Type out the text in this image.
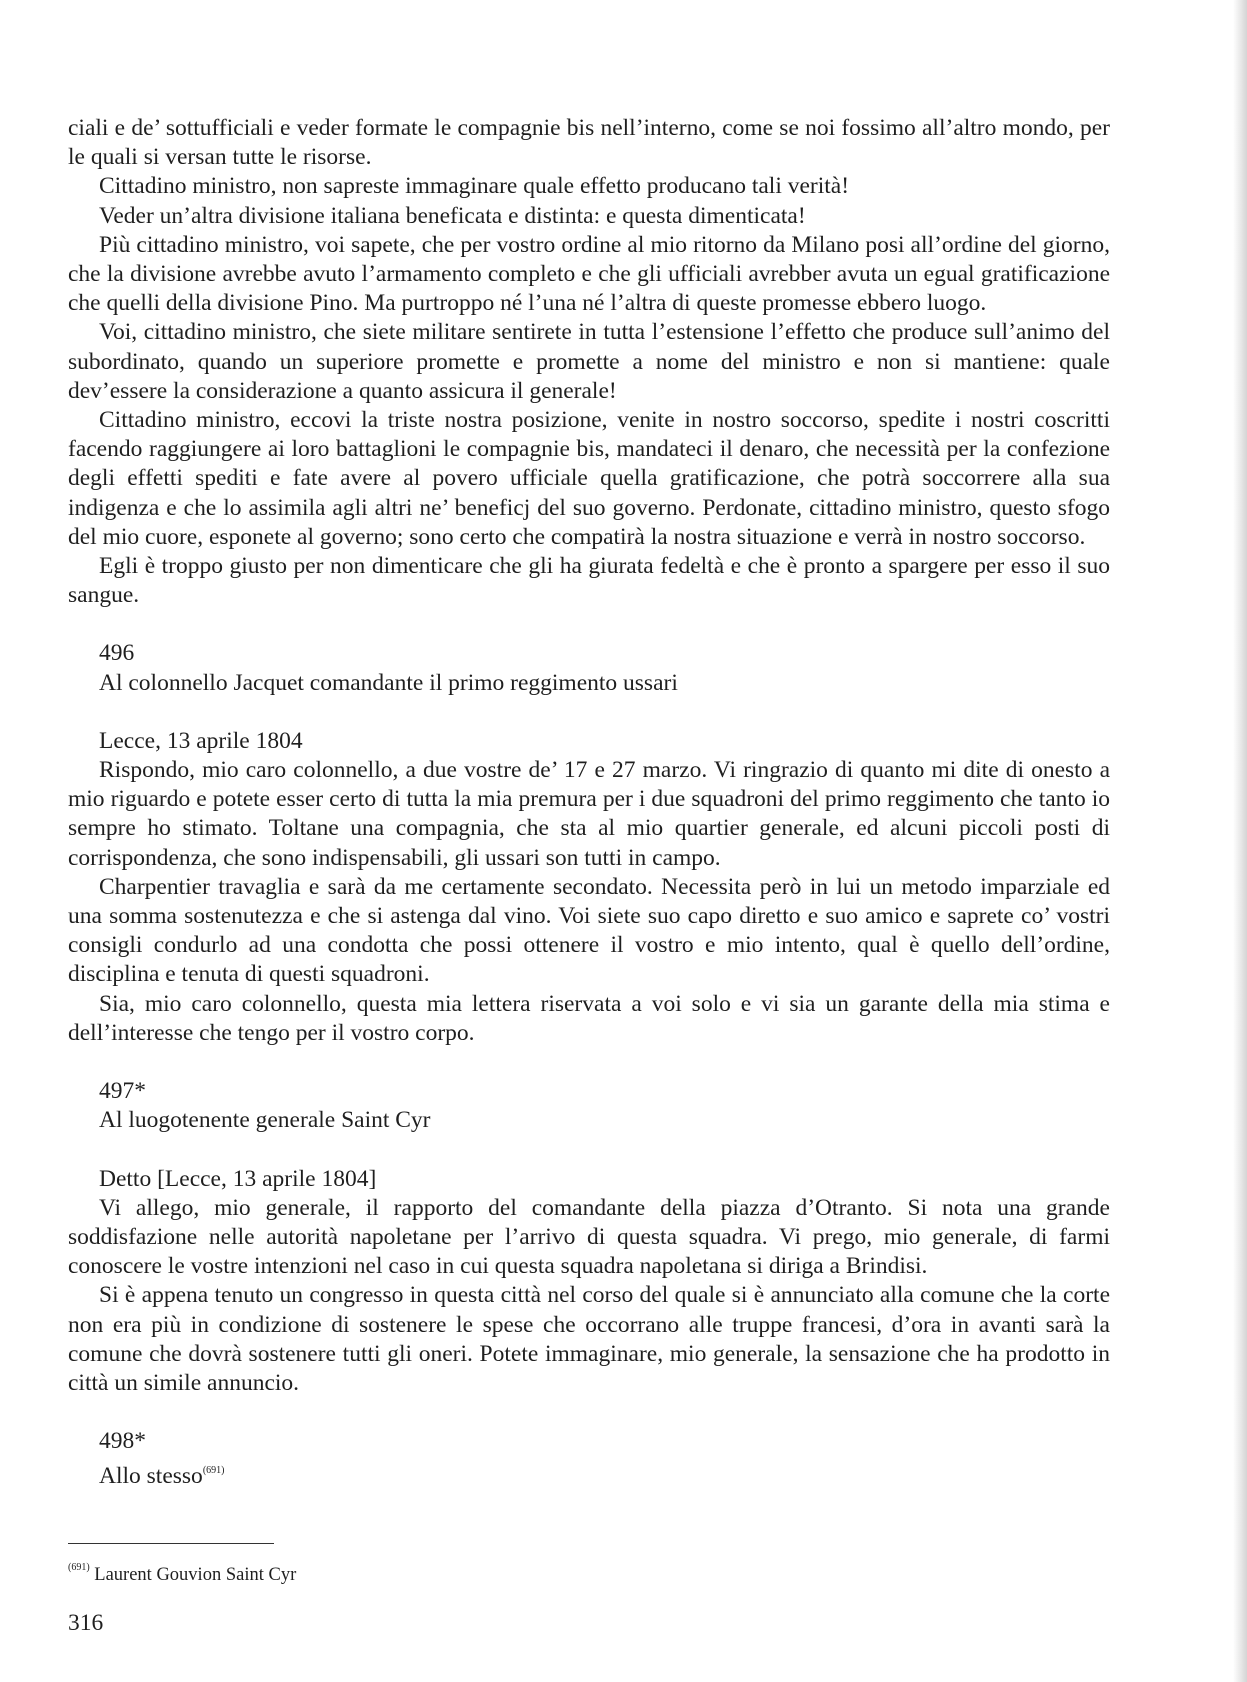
ciali e de’ sottufficiali e veder formate le compagnie bis nell’interno, come se noi fossimo all’altro mondo, per le quali si versan tutte le risorse.

Cittadino ministro, non sapreste immaginare quale effetto producano tali verità!

Veder un’altra divisione italiana beneficata e distinta: e questa dimenticata!

Più cittadino ministro, voi sapete, che per vostro ordine al mio ritorno da Milano posi all’ordine del giorno, che la divisione avrebbe avuto l’armamento completo e che gli ufficiali avrebber avuta un egual gratificazione che quelli della divisione Pino. Ma purtroppo né l’una né l’altra di queste promesse ebbero luogo.

Voi, cittadino ministro, che siete militare sentirete in tutta l’estensione l’effetto che produce sull’animo del subordinato, quando un superiore promette e promette a nome del ministro e non si mantiene: quale dev’essere la considerazione a quanto assicura il generale!

Cittadino ministro, eccovi la triste nostra posizione, venite in nostro soccorso, spedite i nostri coscritti facendo raggiungere ai loro battaglioni le compagnie bis, mandateci il denaro, che necessità per la confezione degli effetti spediti e fate avere al povero ufficiale quella gratificazione, che potrà soccorrere alla sua indigenza e che lo assimila agli altri ne’ beneficj del suo governo. Perdonate, cittadino ministro, questo sfogo del mio cuore, esponete al governo; sono certo che compatirà la nostra situazione e verrà in nostro soccorso.

Egli è troppo giusto per non dimenticare che gli ha giurata fedeltà e che è pronto a spargere per esso il suo sangue.

496

Al colonnello Jacquet comandante il primo reggimento ussari

Lecce, 13 aprile 1804

Rispondo, mio caro colonnello, a due vostre de’ 17 e 27 marzo. Vi ringrazio di quanto mi dite di onesto a mio riguardo e potete esser certo di tutta la mia premura per i due squadroni del primo reggimento che tanto io sempre ho stimato. Toltane una compagnia, che sta al mio quartier generale, ed alcuni piccoli posti di corrispondenza, che sono indispensabili, gli ussari son tutti in campo.

Charpentier travaglia e sarà da me certamente secondato. Necessita però in lui un metodo imparziale ed una somma sostenutezza e che si astenga dal vino. Voi siete suo capo diretto e suo amico e saprete co’ vostri consigli condurlo ad una condotta che possi ottenere il vostro e mio intento, qual è quello dell’ordine, disciplina e tenuta di questi squadroni.

Sia, mio caro colonnello, questa mia lettera riservata a voi solo e vi sia un garante della mia stima e dell’interesse che tengo per il vostro corpo.

497*

Al luogotenente generale Saint Cyr

Detto [Lecce, 13 aprile 1804]

Vi allego, mio generale, il rapporto del comandante della piazza d’Otranto. Si nota una grande soddisfazione nelle autorità napoletane per l’arrivo di questa squadra. Vi prego, mio generale, di farmi conoscere le vostre intenzioni nel caso in cui questa squadra napoletana si diriga a Brindisi.

Si è appena tenuto un congresso in questa città nel corso del quale si è annunciato alla comune che la corte non era più in condizione di sostenere le spese che occorrano alle truppe francesi, d’ora in avanti sarà la comune che dovrà sostenere tutti gli oneri. Potete immaginare, mio generale, la sensazione che ha prodotto in città un simile annuncio.

498*

Allo stesso$^{(691)}$

$^{(691)}$ Laurent Gouvion Saint Cyr

316
